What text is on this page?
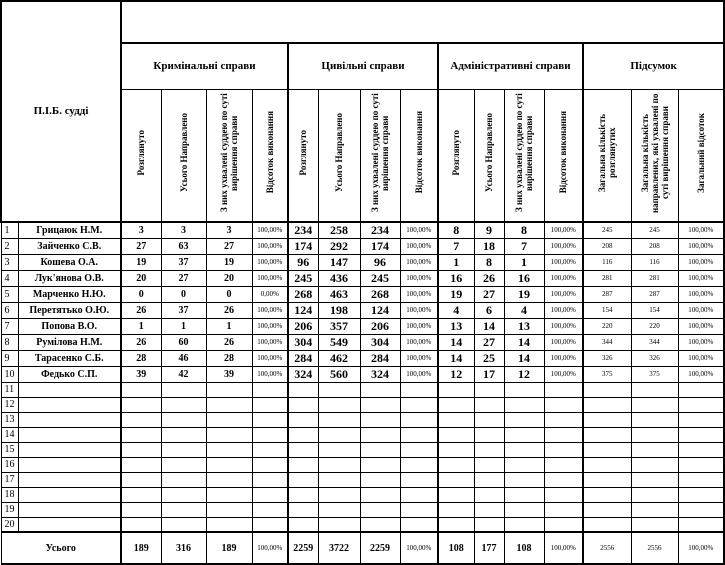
П.І.Б. судді																
		Кримінальні справи				Цивільні справи				Адміністративні справи				Підсумок		
		Розглянуто	Усього Направлено	З них ухвалені суддею по суті вирішення справи	Відсоток виконання	Розглянуто	Усього Направлено	З них ухвалені суддею по суті вирішення справи	Відсоток виконання	Розглянуто	Усього Направлено	З них ухвалені суддею по суті вирішення справи	Відсоток виконання	Загальна кількість розглянутих	Загальна кількість направлених, які ухвалені по суті вирішення справи	Загальний відсоток
1	Грицаюк Н.М.	3	3	3	100,00%	234	258	234	100,00%	8	9	8	100,00%	245	245	100,00%
2	Зайченко С.В.	27	63	27	100,00%	174	292	174	100,00%	7	18	7	100,00%	208	208	100,00%
3	Кошева О.А.	19	37	19	100,00%	96	147	96	100,00%	1	8	1	100,00%	116	116	100,00%
4	Лук'янова О.В.	20	27	20	100,00%	245	436	245	100,00%	16	26	16	100,00%	281	281	100,00%
5	Марченко Н.Ю.	0	0	0	0,00%	268	463	268	100,00%	19	27	19	100,00%	287	287	100,00%
6	Перетятько О.Ю.	26	37	26	100,00%	124	198	124	100,00%	4	6	4	100,00%	154	154	100,00%
7	Попова В.О.	1	1	1	100,00%	206	357	206	100,00%	13	14	13	100,00%	220	220	100,00%
8	Румілова Н.М.	26	60	26	100,00%	304	549	304	100,00%	14	27	14	100,00%	344	344	100,00%
9	Тарасенко С.Б.	28	46	28	100,00%	284	462	284	100,00%	14	25	14	100,00%	326	326	100,00%
10	Федько С.П.	39	42	39	100,00%	324	560	324	100,00%	12	17	12	100,00%	375	375	100,00%
11																
12																
13																
14																
15																
16																
17																
18																
19																
20																
Усього		189	316	189	100,00%	2259	3722	2259	100,00%	108	177	108	100,00%	2556	2556	100,00%
